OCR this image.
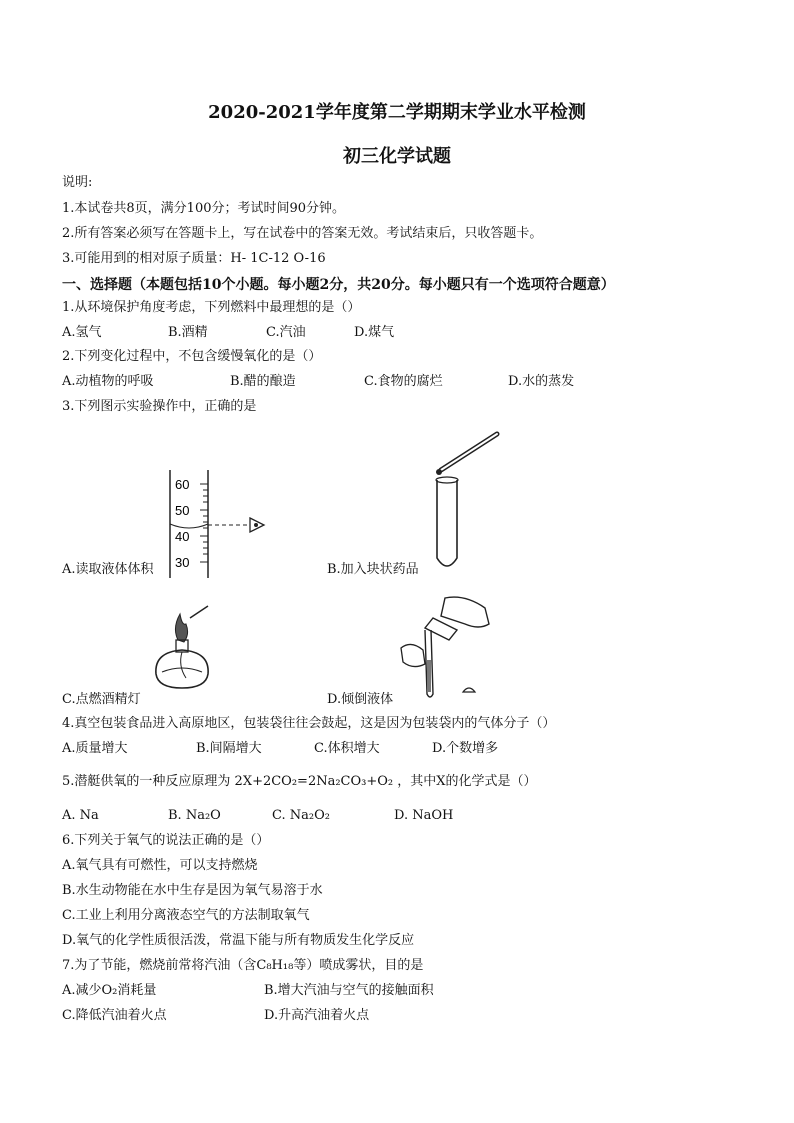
2020-2021学年度第二学期期末学业水平检测
初三化学试题
说明:
1.本试卷共8页，满分100分；考试时间90分钟。
2.所有答案必须写在答题卡上，写在试卷中的答案无效。考试结束后，只收答题卡。
3.可能用到的相对原子质量：H- 1C-12 O-16
一、选择题（本题包括10个小题。每小题2分，共20分。每小题只有一个选项符合题意）
1.从环境保护角度考虑，下列燃料中最理想的是（）
A.氢气	B.酒精	C.汽油	D.煤气
2.下列变化过程中，不包含缓慢氧化的是（）
A.动植物的呼吸	B.醋的酿造	C.食物的腐烂	D.水的蒸发
3.下列图示实验操作中，正确的是
60
50
40
30
A.读取液体体积	B.加入块状药品
C.点燃酒精灯	D.倾倒液体
4.真空包装食品进入高原地区，包装袋往往会鼓起，这是因为包装袋内的气体分子（）
A.质量增大	B.间隔增大	C.体积增大	D.个数增多
5.潜艇供氧的一种反应原理为 2X+2CO₂=2Na₂CO₃+O₂ ，其中X的化学式是（）
A. Na	B. Na₂O	C. Na₂O₂	D. NaOH
6.下列关于氧气的说法正确的是（）
A.氧气具有可燃性，可以支持燃烧
B.水生动物能在水中生存是因为氧气易溶于水
C.工业上利用分离液态空气的方法制取氧气
D.氧气的化学性质很活泼，常温下能与所有物质发生化学反应
7.为了节能，燃烧前常将汽油（含C₈H₁₈等）喷成雾状，目的是
A.减少O₂消耗量	B.增大汽油与空气的接触面积
C.降低汽油着火点	D.升高汽油着火点
